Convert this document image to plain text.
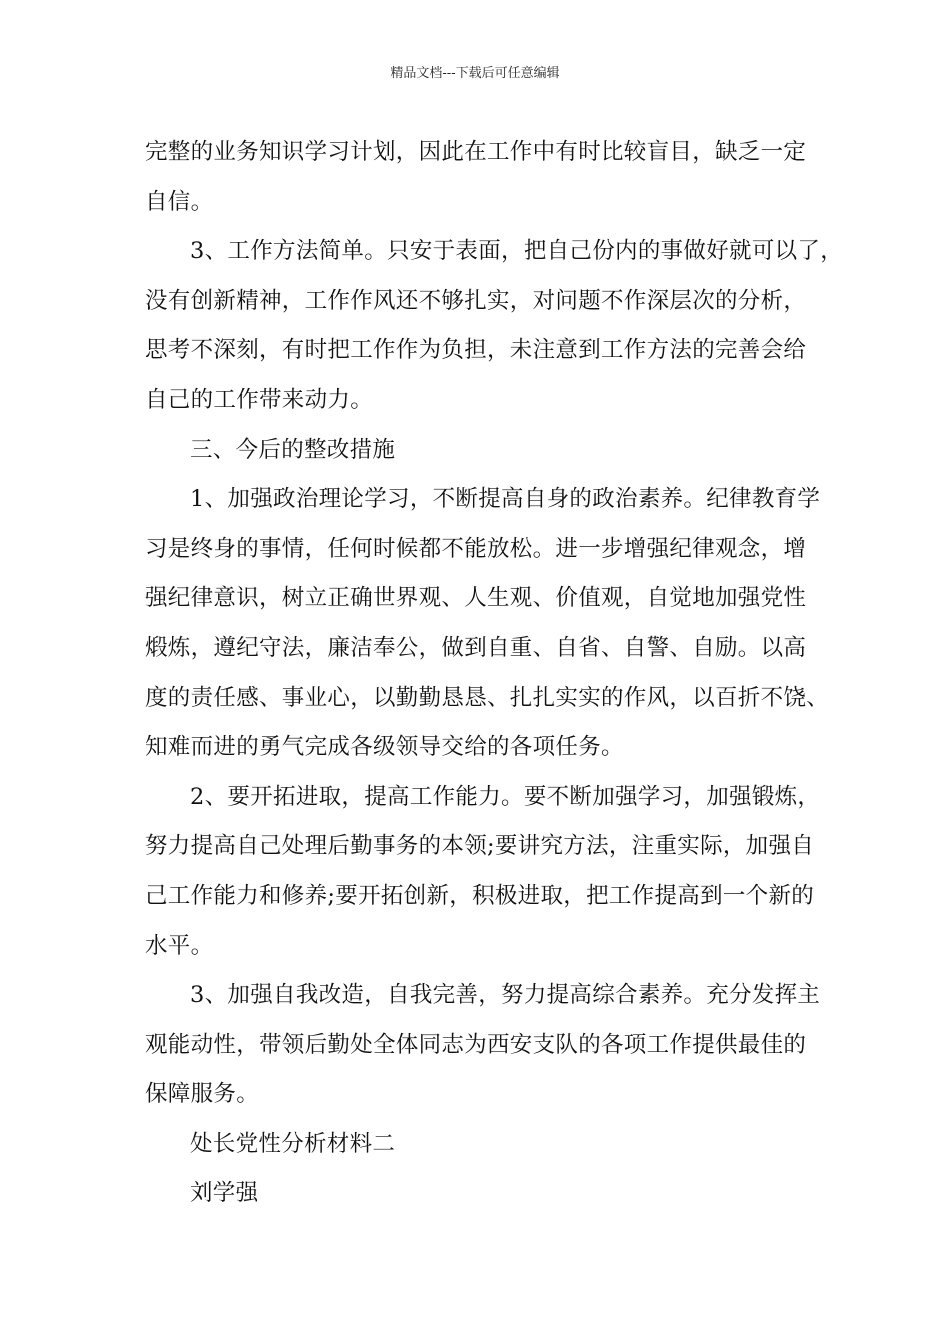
精品文档---下载后可任意编辑
完整的业务知识学习计划，因此在工作中有时比较盲目，缺乏一定
自信。
3、工作方法简单。只安于表面，把自己份内的事做好就可以了，
没有创新精神，工作作风还不够扎实，对问题不作深层次的分析，
思考不深刻，有时把工作作为负担，未注意到工作方法的完善会给
自己的工作带来动力。
三、今后的整改措施
1、加强政治理论学习，不断提高自身的政治素养。纪律教育学
习是终身的事情，任何时候都不能放松。进一步增强纪律观念，增
强纪律意识，树立正确世界观、人生观、价值观，自觉地加强党性
煅炼，遵纪守法，廉洁奉公，做到自重、自省、自警、自励。以高
度的责任感、事业心，以勤勤恳恳、扎扎实实的作风，以百折不饶、
知难而进的勇气完成各级领导交给的各项任务。
2、要开拓进取，提高工作能力。要不断加强学习，加强锻炼，
努力提高自己处理后勤事务的本领;要讲究方法，注重实际，加强自
己工作能力和修养;要开拓创新，积极进取，把工作提高到一个新的
水平。
3、加强自我改造，自我完善，努力提高综合素养。充分发挥主
观能动性，带领后勤处全体同志为西安支队的各项工作提供最佳的
保障服务。
处长党性分析材料二
刘学强
